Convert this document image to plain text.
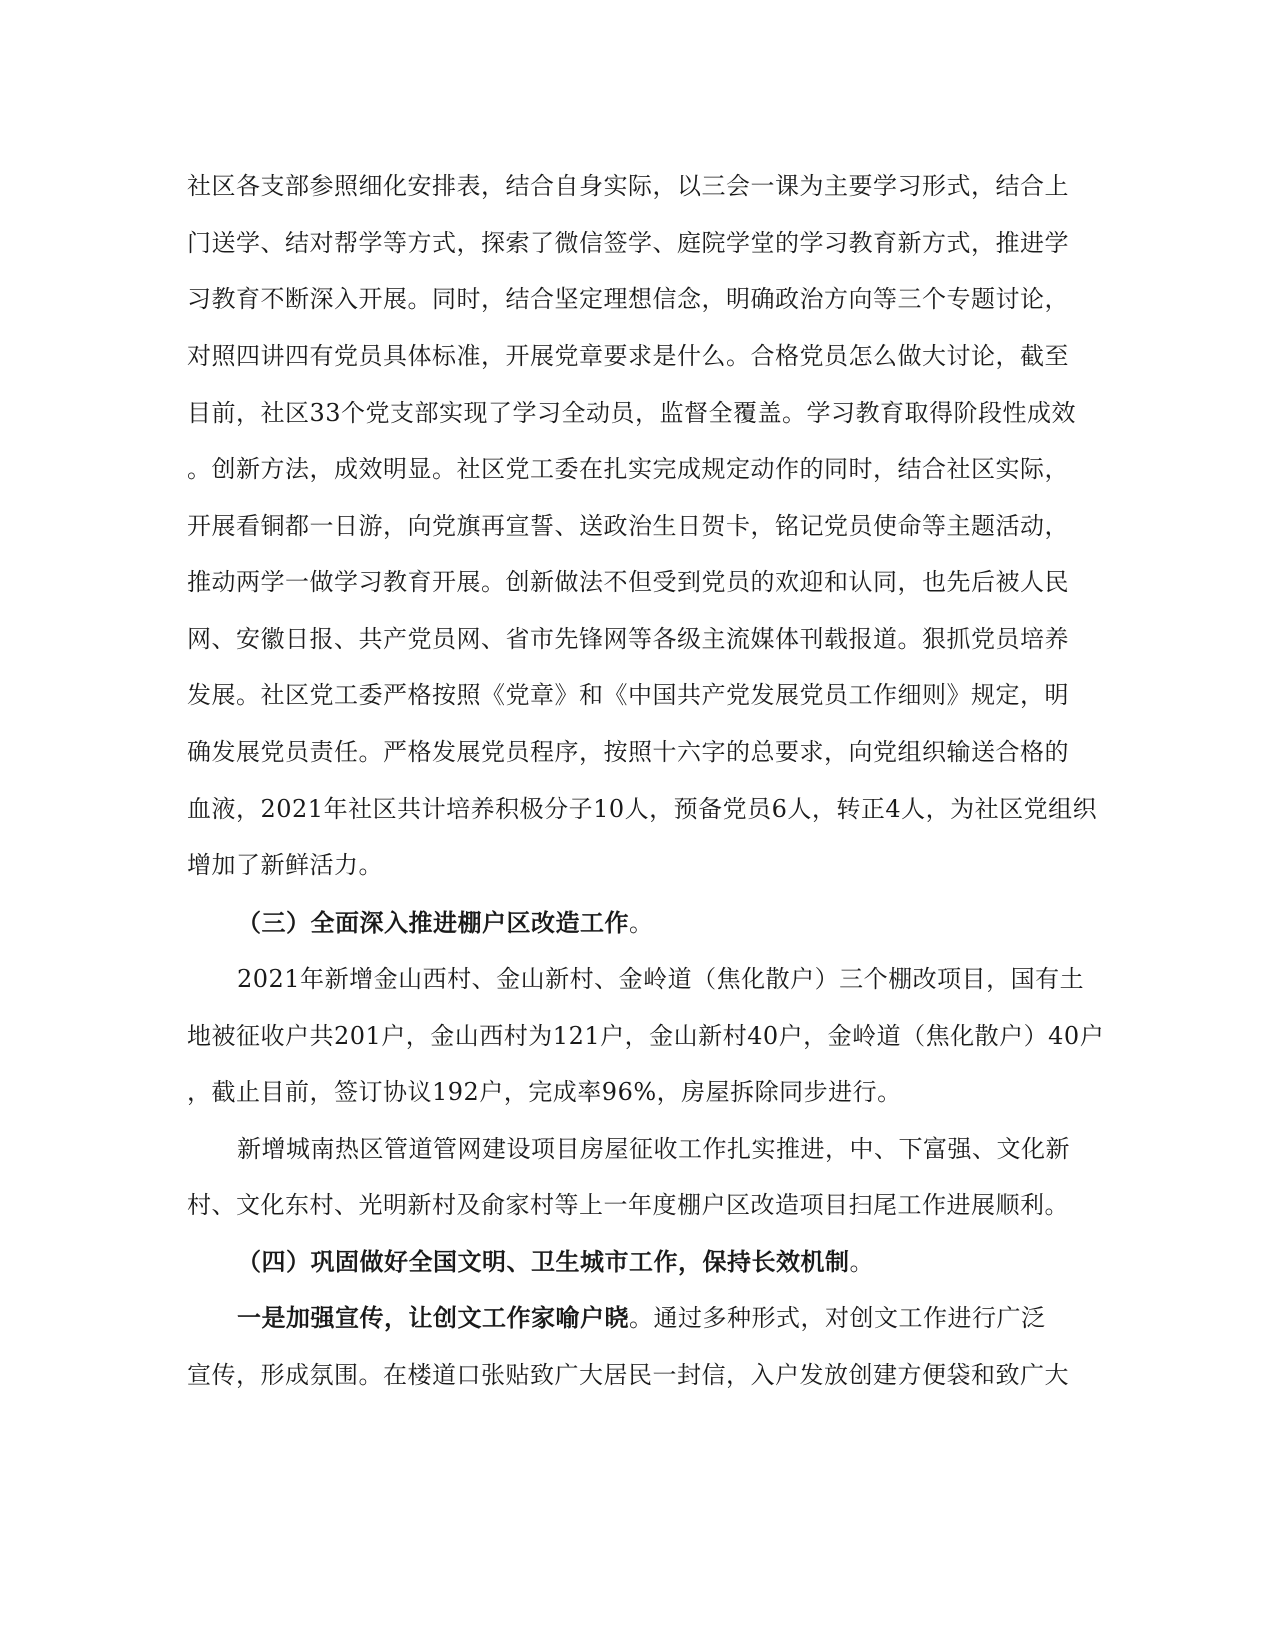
社区各支部参照细化安排表，结合自身实际，以三会一课为主要学习形式，结合上
门送学、结对帮学等方式，探索了微信签学、庭院学堂的学习教育新方式，推进学
习教育不断深入开展。同时，结合坚定理想信念，明确政治方向等三个专题讨论，
对照四讲四有党员具体标准，开展党章要求是什么。合格党员怎么做大讨论，截至
目前，社区33个党支部实现了学习全动员，监督全覆盖。学习教育取得阶段性成效
。创新方法，成效明显。社区党工委在扎实完成规定动作的同时，结合社区实际，
开展看铜都一日游，向党旗再宣誓、送政治生日贺卡，铭记党员使命等主题活动，
推动两学一做学习教育开展。创新做法不但受到党员的欢迎和认同，也先后被人民
网、安徽日报、共产党员网、省市先锋网等各级主流媒体刊载报道。狠抓党员培养
发展。社区党工委严格按照《党章》和《中国共产党发展党员工作细则》规定，明
确发展党员责任。严格发展党员程序，按照十六字的总要求，向党组织输送合格的
血液，2021年社区共计培养积极分子10人，预备党员6人，转正4人，为社区党组织
增加了新鲜活力。
（三）全面深入推进棚户区改造工作。
2021年新增金山西村、金山新村、金岭道（焦化散户）三个棚改项目，国有土
地被征收户共201户，金山西村为121户，金山新村40户，金岭道（焦化散户）40户
，截止目前，签订协议192户，完成率96%，房屋拆除同步进行。
新增城南热区管道管网建设项目房屋征收工作扎实推进，中、下富强、文化新
村、文化东村、光明新村及俞家村等上一年度棚户区改造项目扫尾工作进展顺利。
（四）巩固做好全国文明、卫生城市工作，保持长效机制。
一是加强宣传，让创文工作家喻户晓。通过多种形式，对创文工作进行广泛
宣传，形成氛围。在楼道口张贴致广大居民一封信，入户发放创建方便袋和致广大
